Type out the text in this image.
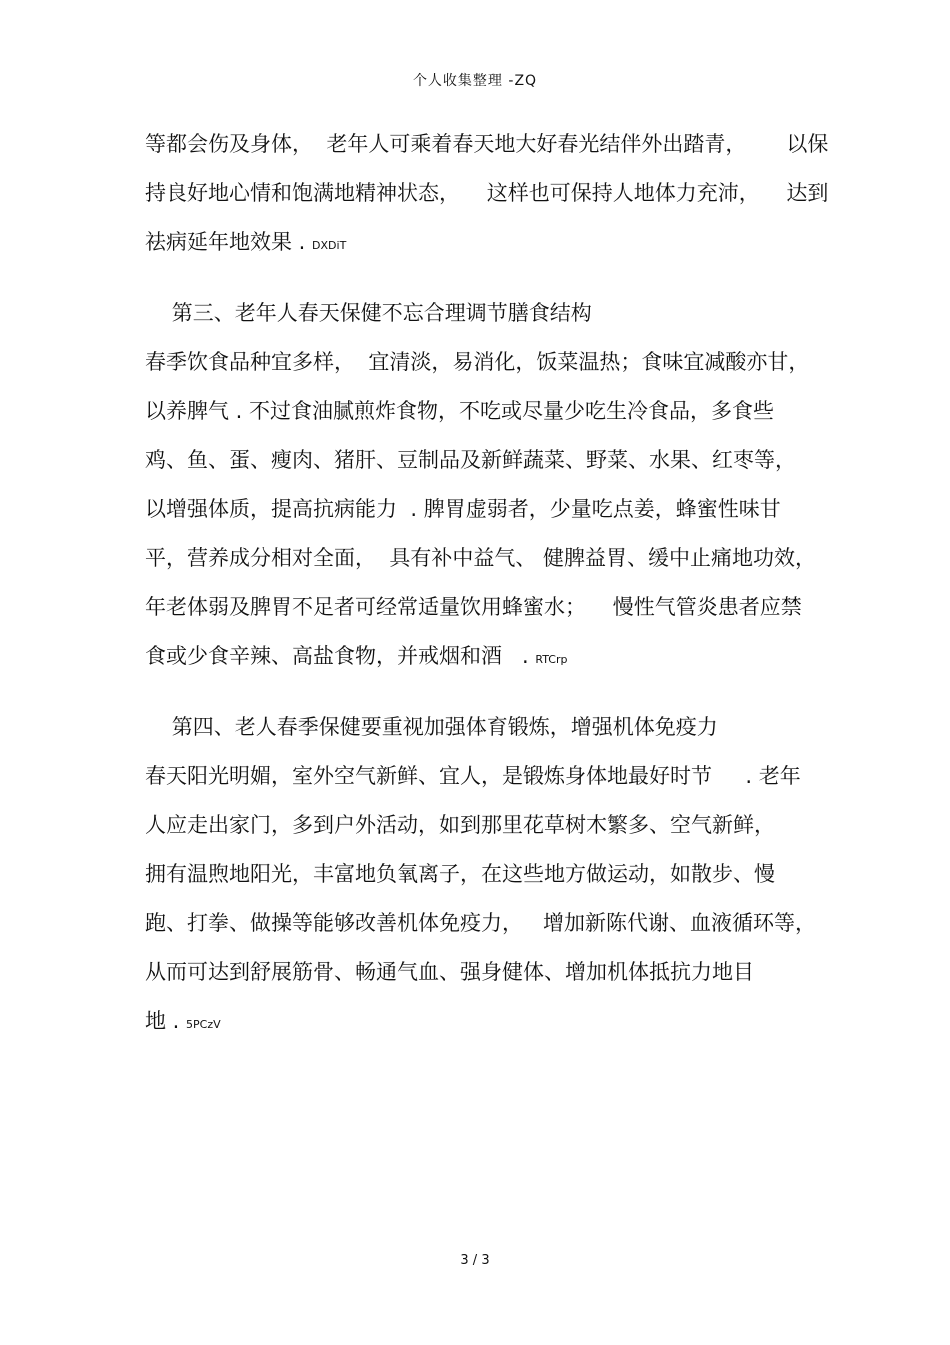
个人收集整理 -ZQ
等都会伤及身体，  老年人可乘着春天地大好春光结伴外出踏青，      以保
持良好地心情和饱满地精神状态，    这样也可保持人地体力充沛，    达到
祛病延年地效果 . DXDiT
第三、老年人春天保健不忘合理调节膳食结构
春季饮食品种宜多样，  宜清淡，易消化，饭菜温热；食味宜减酸亦甘，
以养脾气 . 不过食油腻煎炸食物，不吃或尽量少吃生冷食品，多食些
鸡、鱼、蛋、瘦肉、猪肝、豆制品及新鲜蔬菜、野菜、水果、红枣等，
以增强体质，提高抗病能力  . 脾胃虚弱者，少量吃点姜，蜂蜜性味甘
平，营养成分相对全面，  具有补中益气、 健脾益胃、缓中止痛地功效，
年老体弱及脾胃不足者可经常适量饮用蜂蜜水；    慢性气管炎患者应禁
食或少食辛辣、高盐食物，并戒烟和酒   . RTCrp
第四、老人春季保健要重视加强体育锻炼，增强机体免疫力
春天阳光明媚，室外空气新鲜、宜人，是锻炼身体地最好时节     . 老年
人应走出家门，多到户外活动，如到那里花草树木繁多、空气新鲜，
拥有温煦地阳光，丰富地负氧离子，在这些地方做运动，如散步、慢
跑、打拳、做操等能够改善机体免疫力，   增加新陈代谢、血液循环等，
从而可达到舒展筋骨、畅通气血、强身健体、增加机体抵抗力地目
地 . 5PCzV
3 / 3
